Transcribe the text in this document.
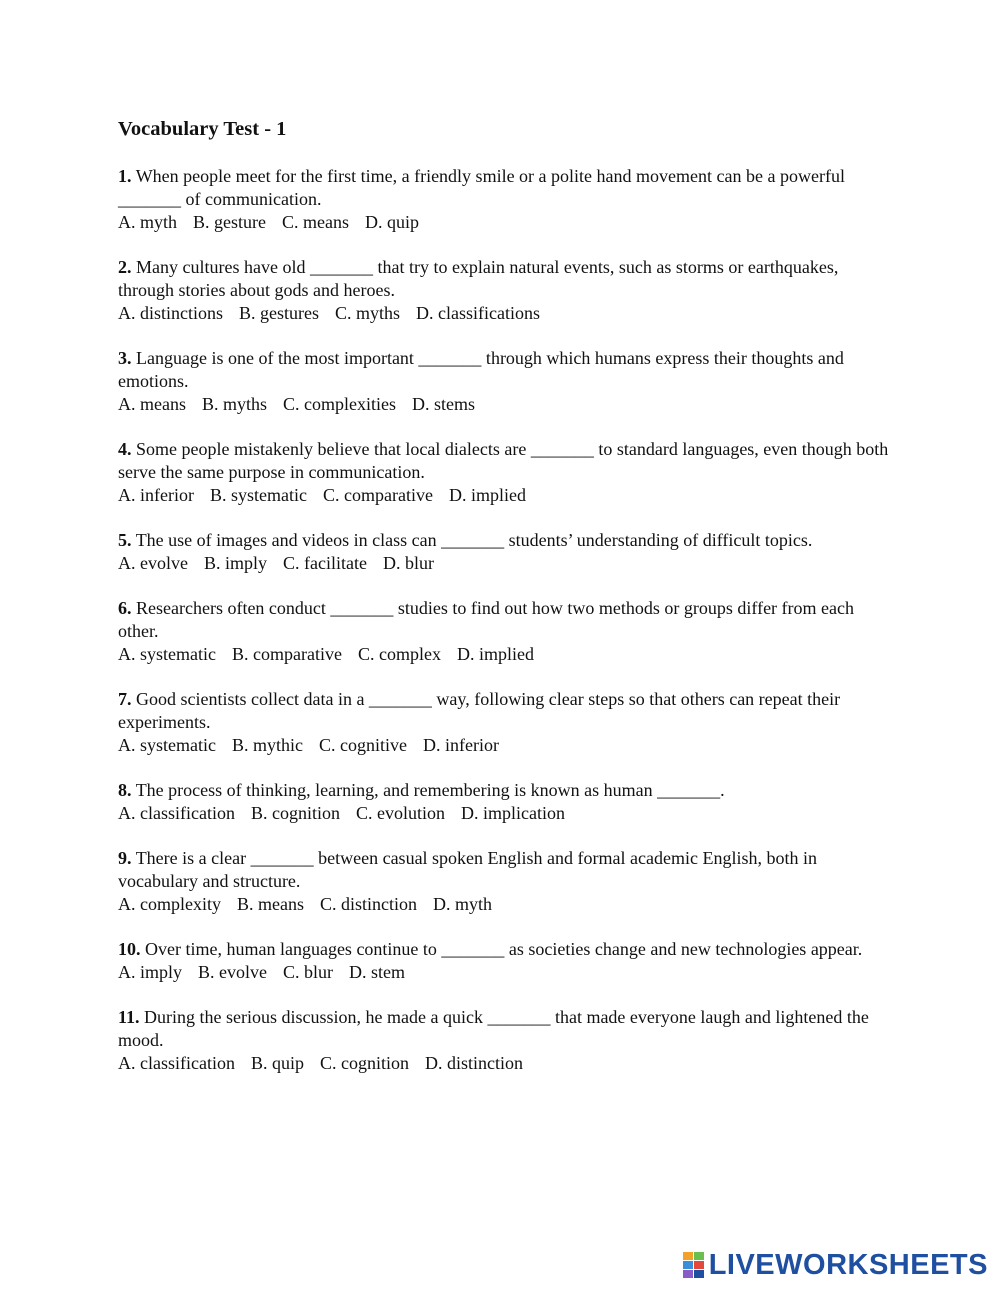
Vocabulary Test - 1

1. When people meet for the first time, a friendly smile or a polite hand movement can be a powerful _______ of communication.

A. myth B. gesture C. means D. quip

2. Many cultures have old _______ that try to explain natural events, such as storms or earthquakes, through stories about gods and heroes.

A. distinctions B. gestures C. myths D. classifications

3. Language is one of the most important _______ through which humans express their thoughts and emotions.

A. means B. myths C. complexities D. stems

4. Some people mistakenly believe that local dialects are _______ to standard languages, even though both serve the same purpose in communication.

A. inferior B. systematic C. comparative D. implied

5. The use of images and videos in class can _______ students’ understanding of difficult topics.

A. evolve B. imply C. facilitate D. blur

6. Researchers often conduct _______ studies to find out how two methods or groups differ from each other.

A. systematic B. comparative C. complex D. implied

7. Good scientists collect data in a _______ way, following clear steps so that others can repeat their experiments.

A. systematic B. mythic C. cognitive D. inferior

8. The process of thinking, learning, and remembering is known as human _______.

A. classification B. cognition C. evolution D. implication

9. There is a clear _______ between casual spoken English and formal academic English, both in vocabulary and structure.

A. complexity B. means C. distinction D. myth

10. Over time, human languages continue to _______ as societies change and new technologies appear.

A. imply B. evolve C. blur D. stem

11. During the serious discussion, he made a quick _______ that made everyone laugh and lightened the mood.

A. classification B. quip C. cognition D. distinction

LIVEWORKSHEETS
